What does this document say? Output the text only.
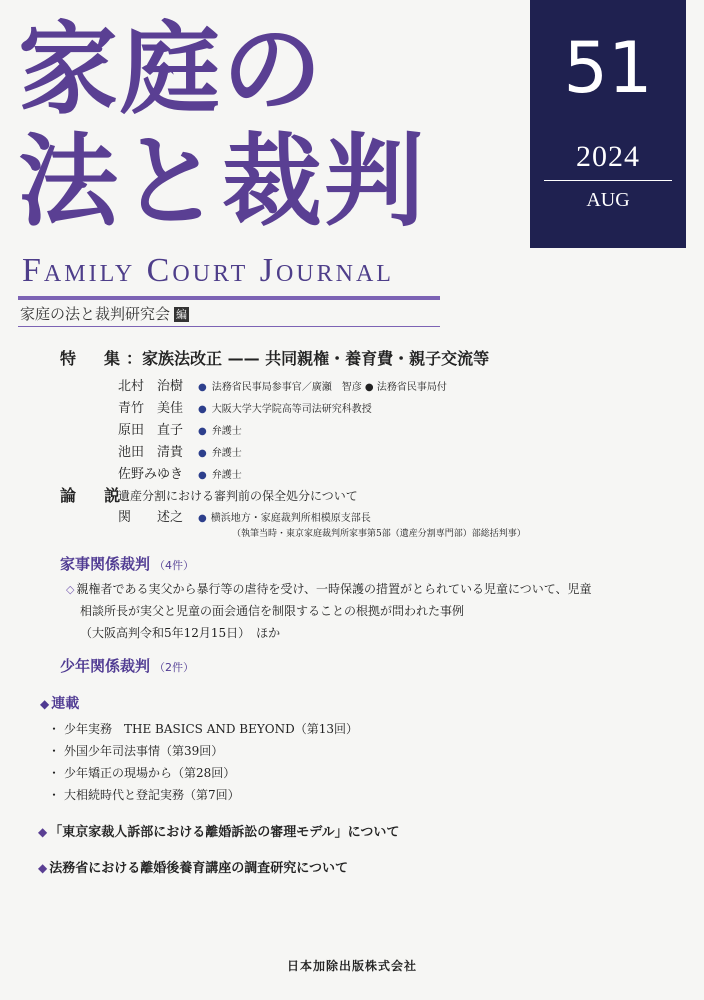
家庭の
法と裁判
51
2024
AUG
Family Court Journal
家庭の法と裁判研究会 編
特　集：家族法改正 —— 共同親権・養育費・親子交流等
北村　治樹 ● 法務省民事局参事官／廣瀬　智彦 ● 法務省民事局付
青竹　美佳 ● 大阪大学大学院高等司法研究科教授
原田　直子 ● 弁護士
池田　清貴 ● 弁護士
佐野みゆき ● 弁護士
論　説
遺産分割における審判前の保全処分について
関　　述之 ● 横浜地方・家庭裁判所相模原支部長
（執筆当時・東京家庭裁判所家事第5部（遺産分割専門部）部総括判事）
家事関係裁判 （4件）
◇ 親権者である実父から暴行等の虐待を受け、一時保護の措置がとられている児童について、児童
相談所長が実父と児童の面会通信を制限することの根拠が問われた事例
（大阪高判令和5年12月15日）　ほか
少年関係裁判 （2件）
◆ 連載
・ 少年実務　THE BASICS AND BEYOND（第13回）
・ 外国少年司法事情（第39回）
・ 少年矯正の現場から（第28回）
・ 大相続時代と登記実務（第7回）
◆ 「東京家裁人訴部における離婚訴訟の審理モデル」について
◆ 法務省における離婚後養育講座の調査研究について
日本加除出版株式会社
